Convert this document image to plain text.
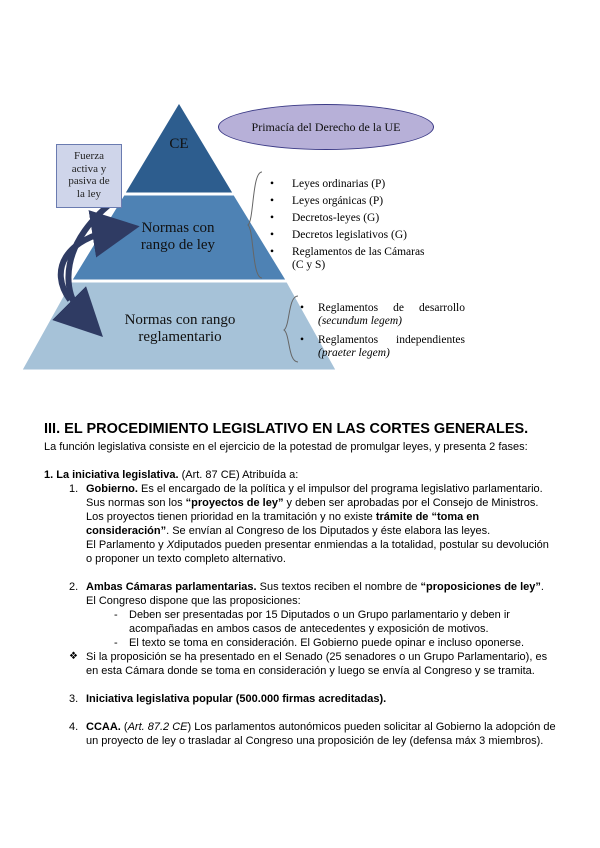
CE
Normas con
rango de ley
Normas con rango
reglamentario
Fuerza
activa y
pasiva de
la ley
Primacía del Derecho de la UE
• Leyes ordinarias (P)
• Leyes orgánicas (P)
• Decretos-leyes (G)
• Decretos legislativos (G)
• Reglamentos de las Cámaras
(C y S)
• Reglamentos de desarrollo
(secundum legem)
• Reglamentos independientes
(praeter legem)
III. EL PROCEDIMIENTO LEGISLATIVO EN LAS CORTES GENERALES.

La función legislativa consiste en el ejercicio de la potestad de promulgar leyes, y presenta 2 fases:

1. La iniciativa legislativa. (Art. 87 CE) Atribuída a:

1. Gobierno. Es el encargado de la política y el impulsor del programa legislativo parlamentario.

Sus normas son los “proyectos de ley” y deben ser aprobadas por el Consejo de Ministros.

Los proyectos tienen prioridad en la tramitación y no existe trámite de “toma en

consideración”. Se envían al Congreso de los Diputados y éste elabora las leyes.

El Parlamento y Xdiputados pueden presentar enmiendas a la totalidad, postular su devolución

o proponer un texto completo alternativo.

2. Ambas Cámaras parlamentarias. Sus textos reciben el nombre de “proposiciones de ley”.

El Congreso dispone que las proposiciones:

- Deben ser presentadas por 15 Diputados o un Grupo parlamentario y deben ir

acompañadas en ambos casos de antecedentes y exposición de motivos.

- El texto se toma en consideración. El Gobierno puede opinar e incluso oponerse.

❖ Si la proposición se ha presentado en el Senado (25 senadores o un Grupo Parlamentario), es

en esta Cámara donde se toma en consideración y luego se envía al Congreso y se tramita.

3. Iniciativa legislativa popular (500.000 firmas acreditadas).

4. CCAA. (Art. 87.2 CE) Los parlamentos autonómicos pueden solicitar al Gobierno la adopción de

un proyecto de ley o trasladar al Congreso una proposición de ley (defensa máx 3 miembros).
